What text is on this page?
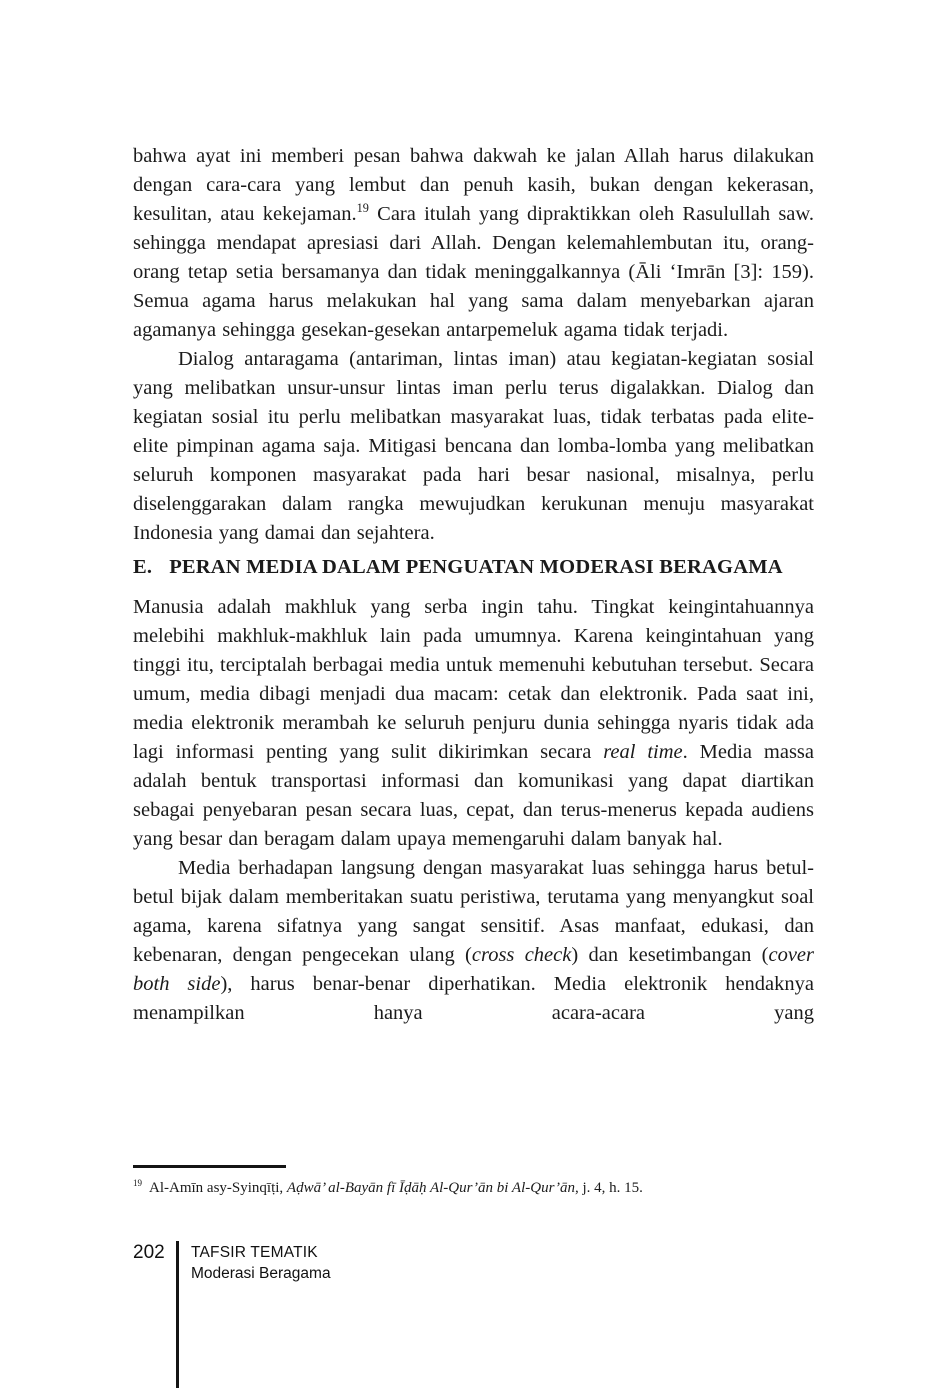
bahwa ayat ini memberi pesan bahwa dakwah ke jalan Allah harus dilakukan dengan cara-cara yang lembut dan penuh kasih, bukan dengan kekerasan, kesulitan, atau kekejaman.$^{19}$ Cara itulah yang dipraktikkan oleh Rasulullah saw. sehingga mendapat apresiasi dari Allah. Dengan kelemahlembutan itu, orang-orang tetap setia bersamanya dan tidak meninggalkannya (Āli ‘Imrān [3]: 159). Semua agama harus melakukan hal yang sama dalam menyebarkan ajaran agamanya sehingga gesekan-gesekan antarpemeluk agama tidak terjadi.

Dialog antaragama (antariman, lintas iman) atau kegiatan-kegiatan sosial yang melibatkan unsur-unsur lintas iman perlu terus digalakkan. Dialog dan kegiatan sosial itu perlu melibatkan masyarakat luas, tidak terbatas pada elite-elite pimpinan agama saja. Mitigasi bencana dan lomba-lomba yang melibatkan seluruh komponen masyarakat pada hari besar nasional, misalnya, perlu diselenggarakan dalam rangka mewujudkan kerukunan menuju masyarakat Indonesia yang damai dan sejahtera.

E. PERAN MEDIA DALAM PENGUATAN MODERASI BERAGAMA

Manusia adalah makhluk yang serba ingin tahu. Tingkat keingintahuannya melebihi makhluk-makhluk lain pada umumnya. Karena keingintahuan yang tinggi itu, terciptalah berbagai media untuk memenuhi kebutuhan tersebut. Secara umum, media dibagi menjadi dua macam: cetak dan elektronik. Pada saat ini, media elektronik merambah ke seluruh penjuru dunia sehingga nyaris tidak ada lagi informasi penting yang sulit dikirimkan secara real time. Media massa adalah bentuk transportasi informasi dan komunikasi yang dapat diartikan sebagai penyebaran pesan secara luas, cepat, dan terus-menerus kepada audiens yang besar dan beragam dalam upaya memengaruhi dalam banyak hal.

Media berhadapan langsung dengan masyarakat luas sehingga harus betul-betul bijak dalam memberitakan suatu peristiwa, terutama yang menyangkut soal agama, karena sifatnya yang sangat sensitif. Asas manfaat, edukasi, dan kebenaran, dengan pengecekan ulang (cross check) dan kesetimbangan (cover both side), harus benar-benar diperhatikan. Media elektronik hendaknya menampilkan hanya acara-acara yang

$^{19}$ Al-Amīn asy-Syinqīṭi, Aḍwā’ al-Bayān fī Īḍāḥ Al-Qur’ān bi Al-Qur’ān, j. 4, h. 15.

202 TAFSIR TEMATIK
Moderasi Beragama
